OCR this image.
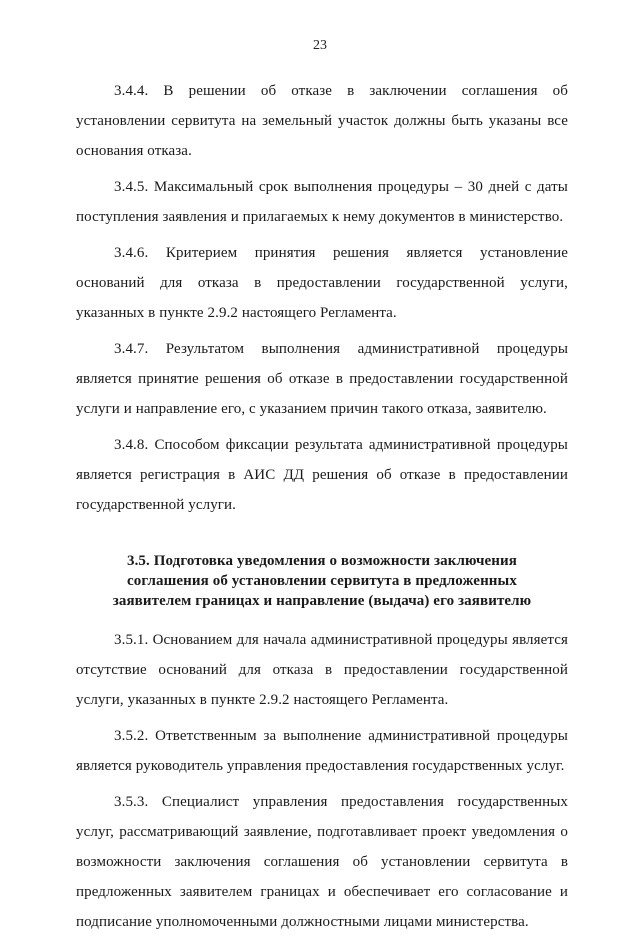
23

3.4.4. В решении об отказе в заключении соглашения об установлении сервитута на земельный участок должны быть указаны все основания отказа.

3.4.5. Максимальный срок выполнения процедуры – 30 дней с даты поступления заявления и прилагаемых к нему документов в министерство.

3.4.6. Критерием принятия решения является установление оснований для отказа в предоставлении государственной услуги, указанных в пункте 2.9.2 настоящего Регламента.

3.4.7. Результатом выполнения административной процедуры является принятие решения об отказе в предоставлении государственной услуги и направление его, с указанием причин такого отказа, заявителю.

3.4.8. Способом фиксации результата административной процедуры является регистрация в АИС ДД решения об отказе в предоставлении государственной услуги.

3.5. Подготовка уведомления о возможности заключения соглашения об установлении сервитута в предложенных заявителем границах и направление (выдача) его заявителю

3.5.1. Основанием для начала административной процедуры является отсутствие оснований для отказа в предоставлении государственной услуги, указанных в пункте 2.9.2 настоящего Регламента.

3.5.2. Ответственным за выполнение административной процедуры является руководитель управления предоставления государственных услуг.

3.5.3. Специалист управления предоставления государственных услуг, рассматривающий заявление, подготавливает проект уведомления о возможности заключения соглашения об установлении сервитута в предложенных заявителем границах и обеспечивает его согласование и подписание уполномоченными должностными лицами министерства.
